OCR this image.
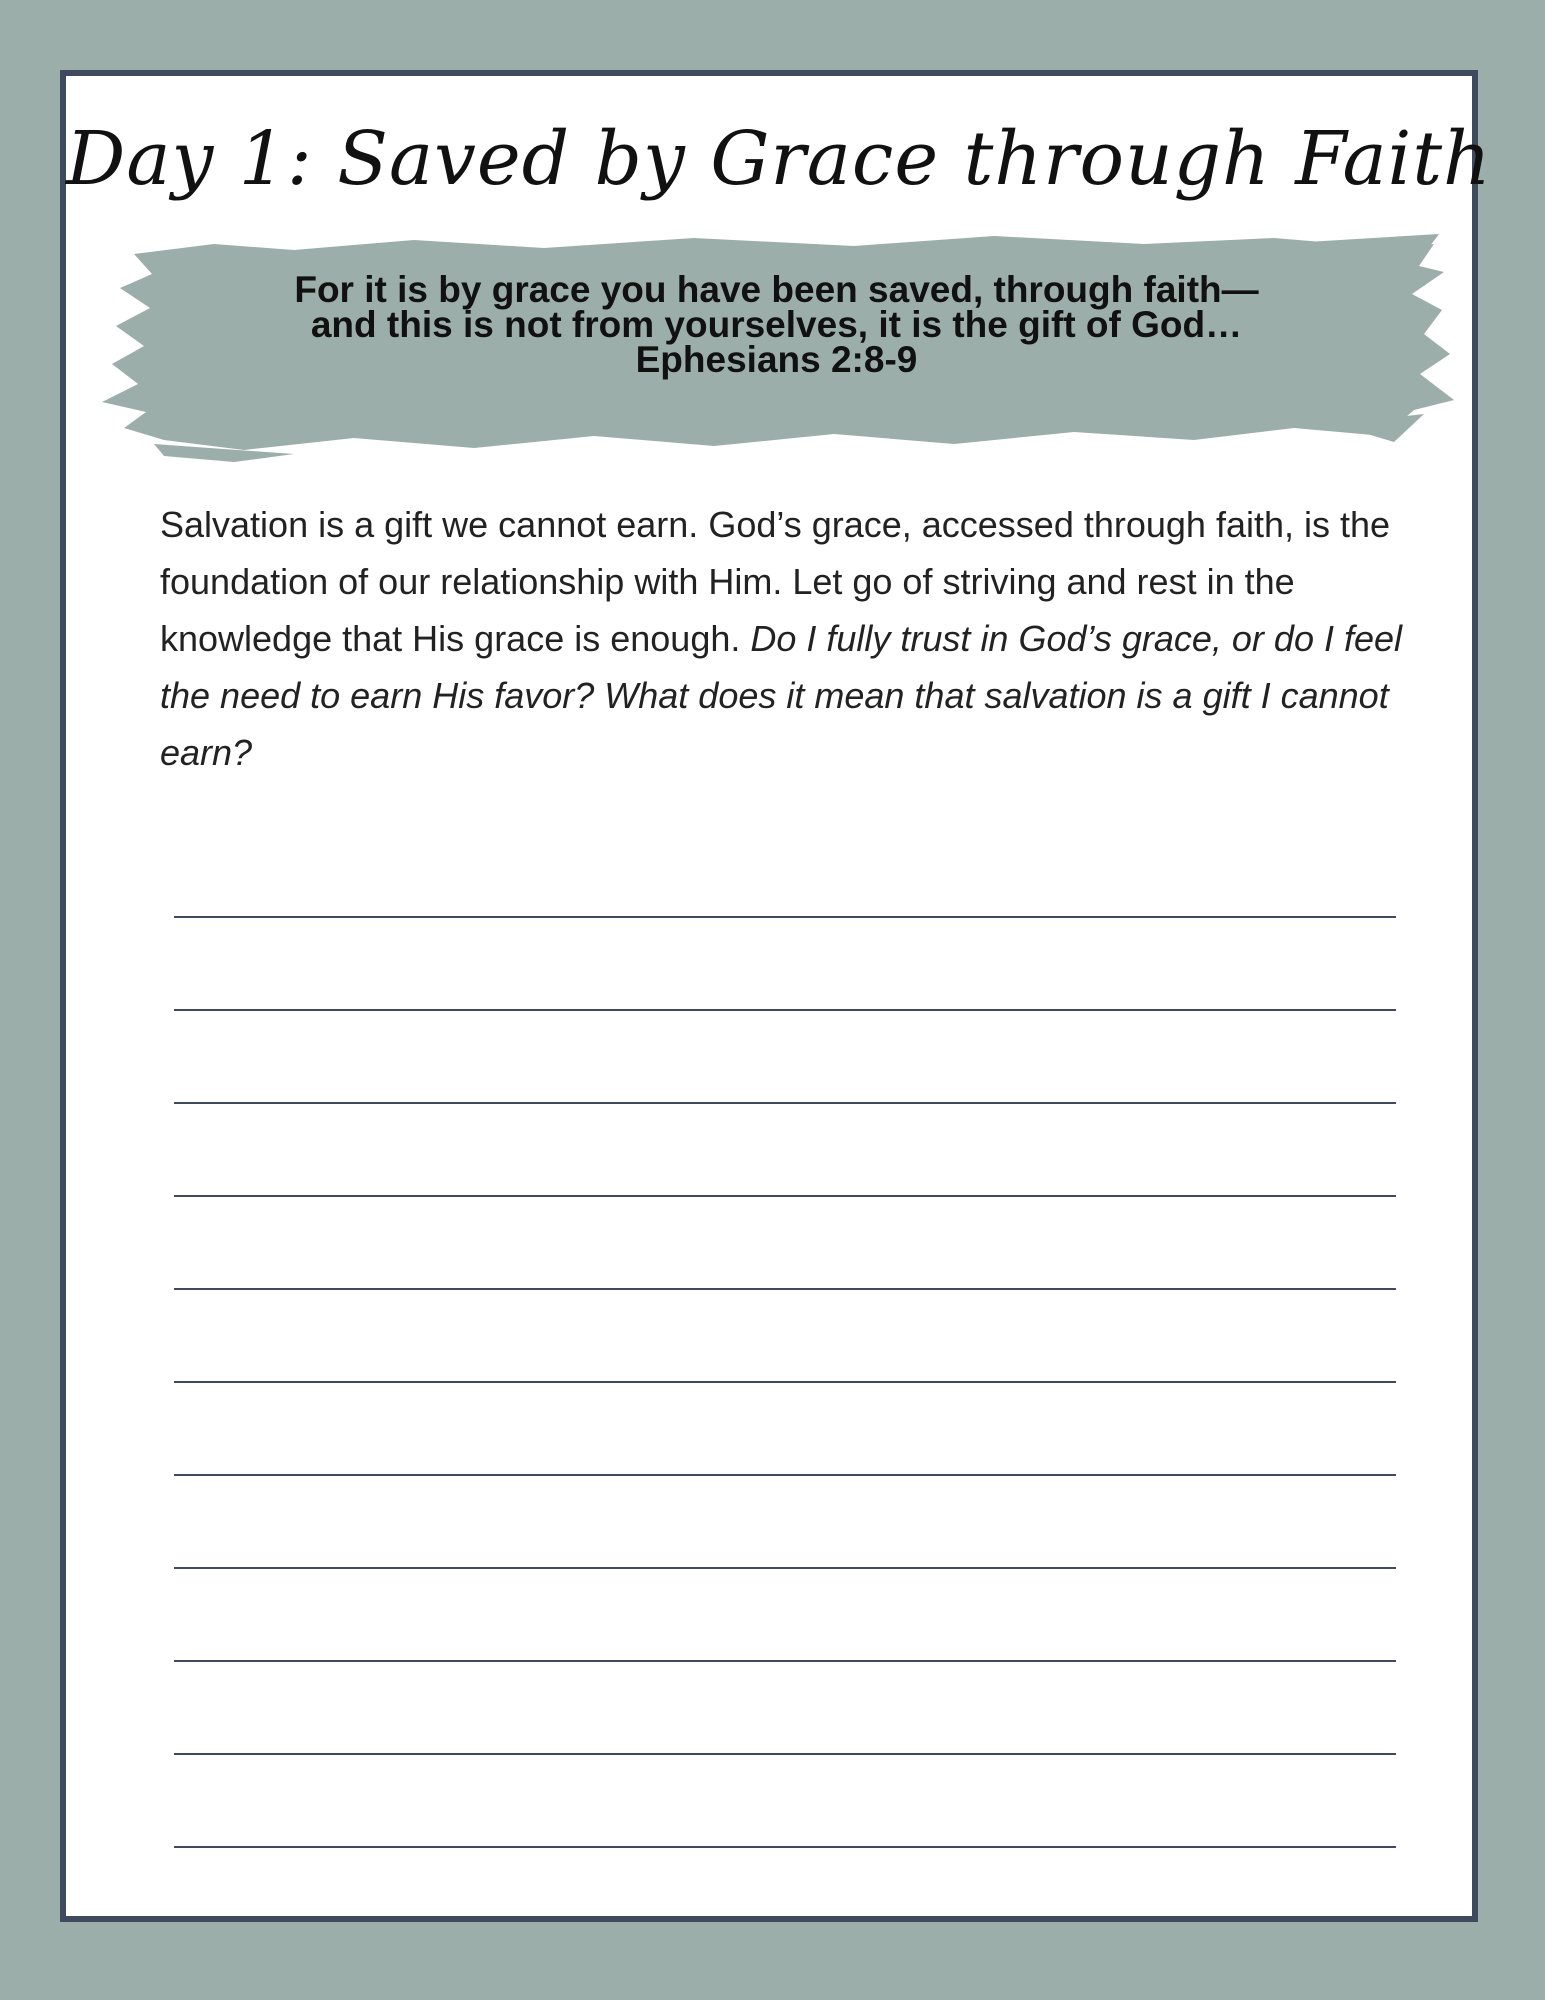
Day 1: Saved by Grace through Faith
For it is by grace you have been saved, through faith—
and this is not from yourselves, it is the gift of God…
Ephesians 2:8-9
Salvation is a gift we cannot earn. God’s grace, accessed through faith, is the foundation of our relationship with Him. Let go of striving and rest in the knowledge that His grace is enough. Do I fully trust in God’s grace, or do I feel the need to earn His favor? What does it mean that salvation is a gift I cannot earn?
